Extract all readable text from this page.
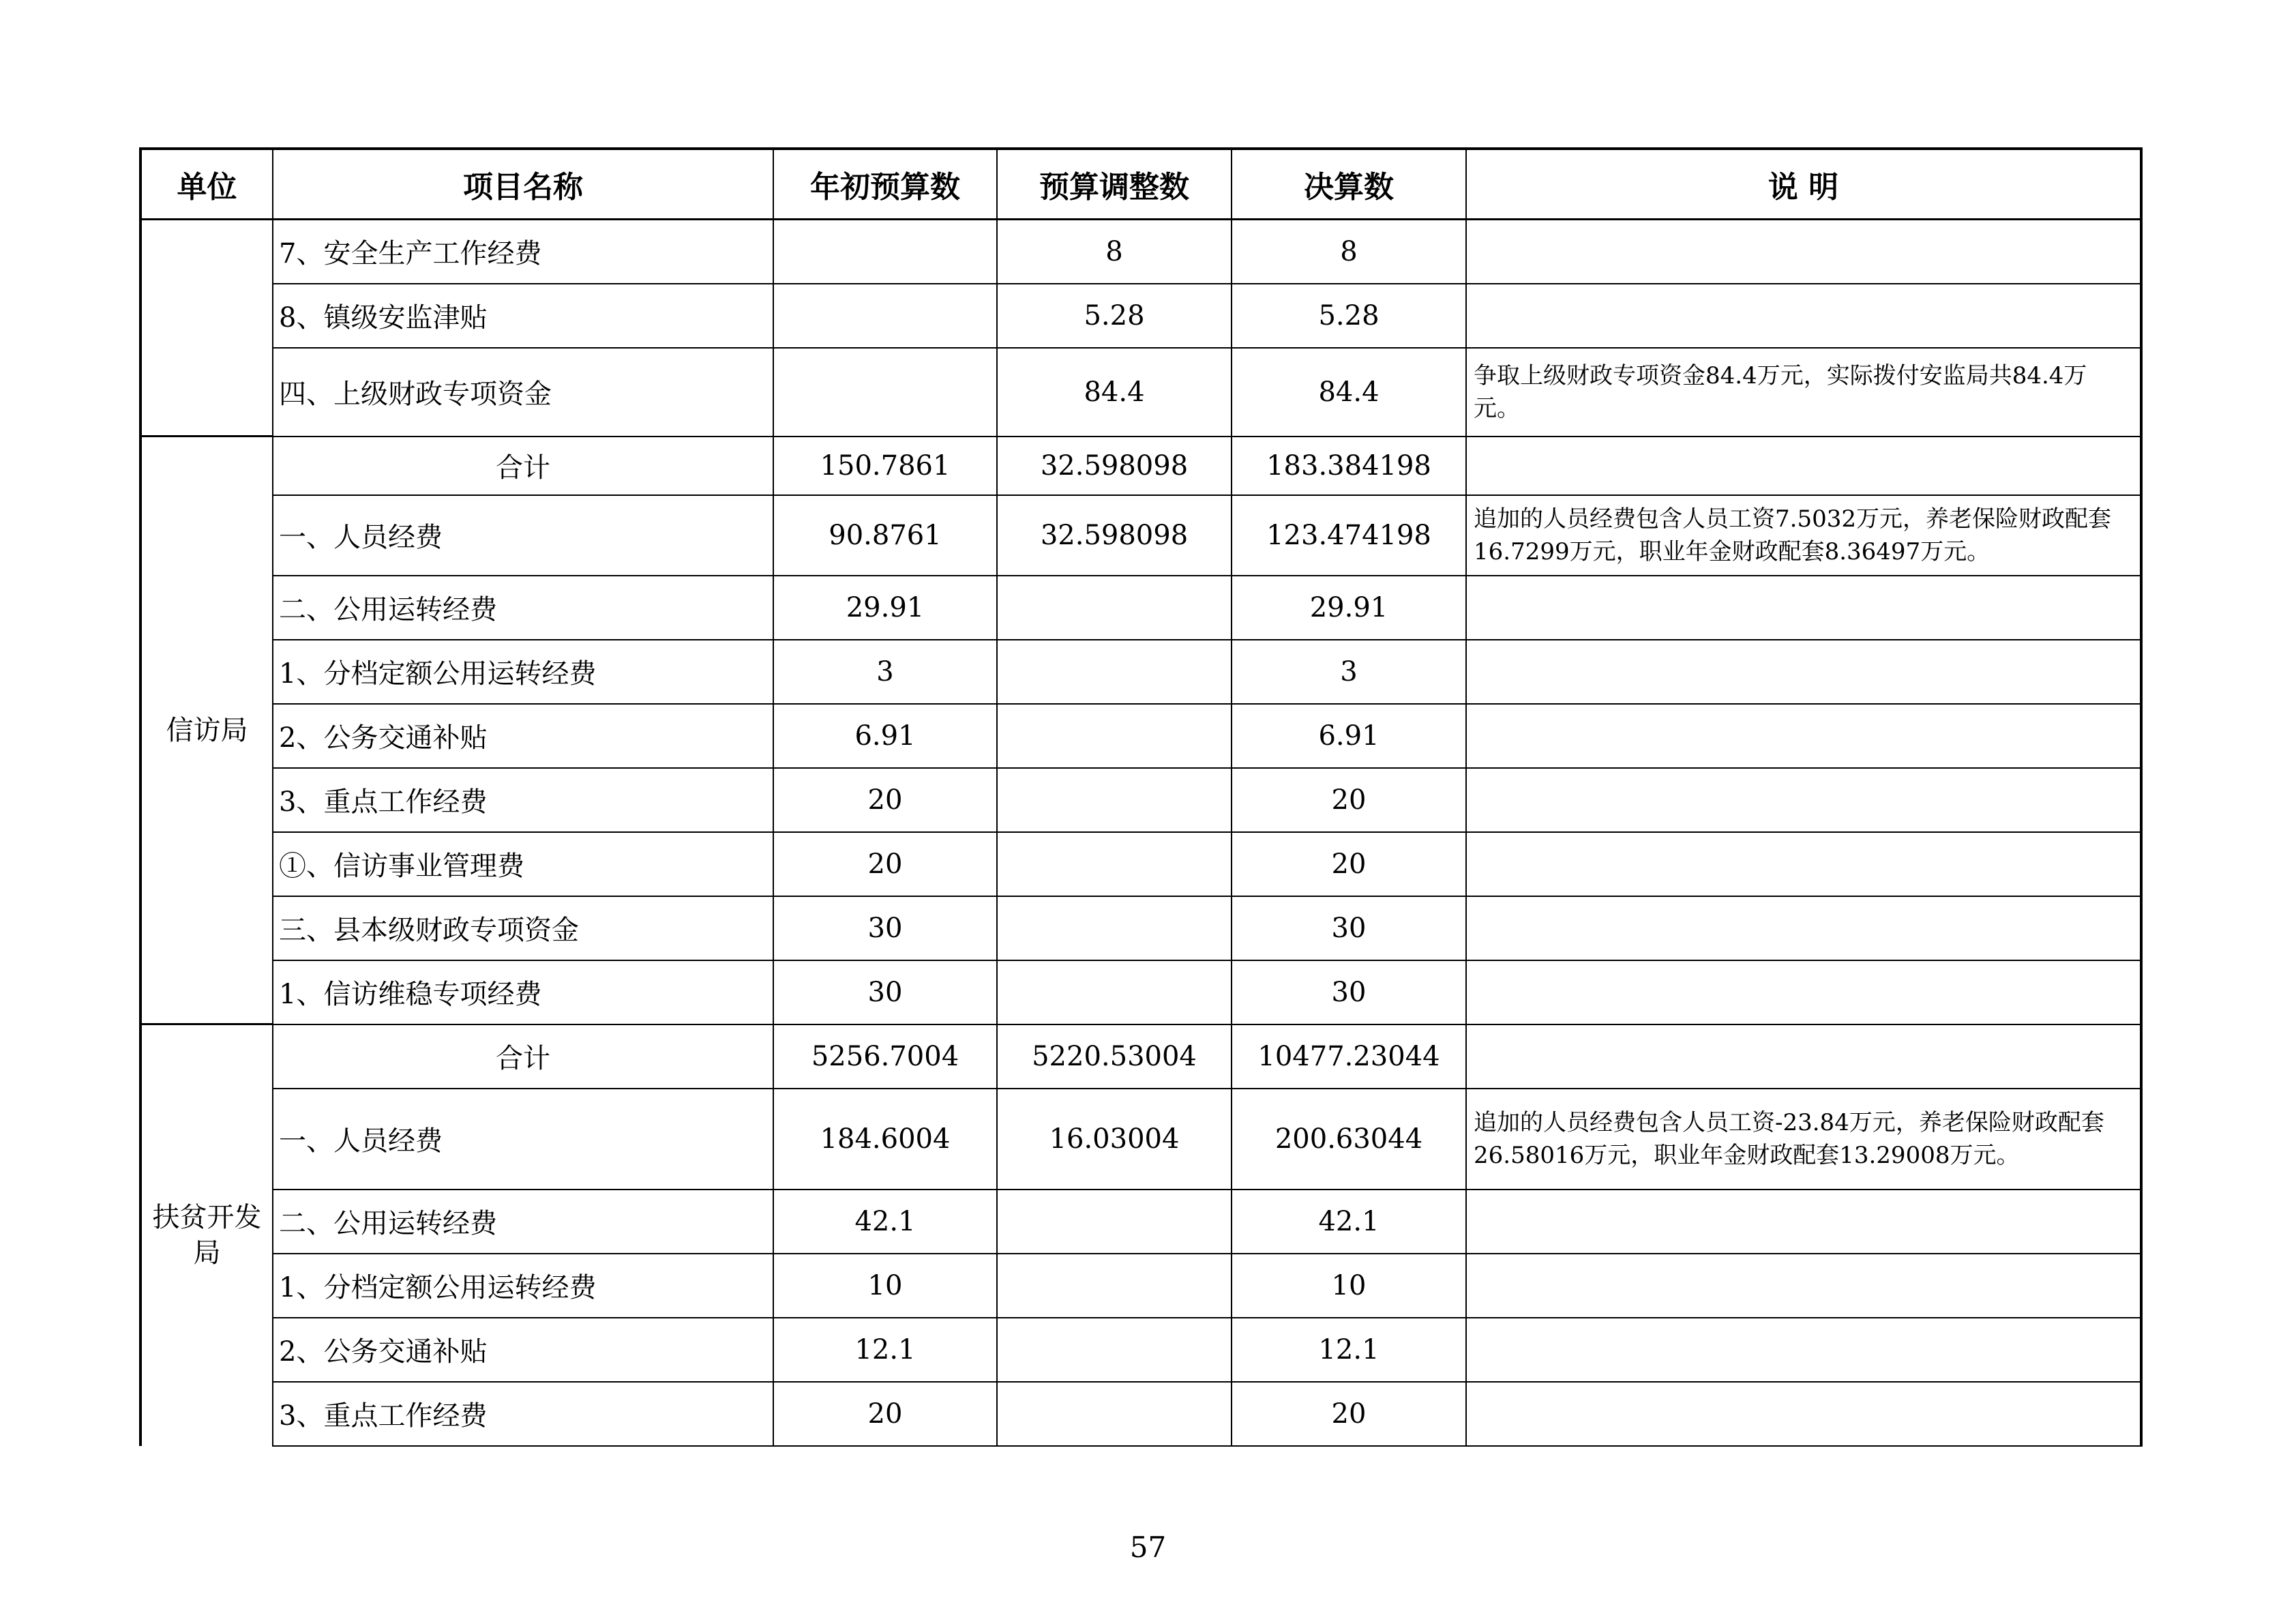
单位	项目名称	年初预算数	预算调整数	决算数	说 明
	7、安全生产工作经费		8	8	
	8、镇级安监津贴		5.28	5.28	
	四、上级财政专项资金		84.4	84.4	争取上级财政专项资金84.4万元，实际拨付安监局共84.4万元。
信访局	合计	150.7861	32.598098	183.384198	
	一、人员经费	90.8761	32.598098	123.474198	追加的人员经费包含人员工资7.5032万元，养老保险财政配套16.7299万元，职业年金财政配套8.36497万元。
	二、公用运转经费	29.91		29.91	
	1、分档定额公用运转经费	3		3	
	2、公务交通补贴	6.91		6.91	
	3、重点工作经费	20		20	
	①、信访事业管理费	20		20	
	三、县本级财政专项资金	30		30	
	1、信访维稳专项经费	30		30	
扶贫开发局	合计	5256.7004	5220.53004	10477.23044	
	一、人员经费	184.6004	16.03004	200.63044	追加的人员经费包含人员工资-23.84万元，养老保险财政配套26.58016万元，职业年金财政配套13.29008万元。
	二、公用运转经费	42.1		42.1	
	1、分档定额公用运转经费	10		10	
	2、公务交通补贴	12.1		12.1	
	3、重点工作经费	20		20	
57
